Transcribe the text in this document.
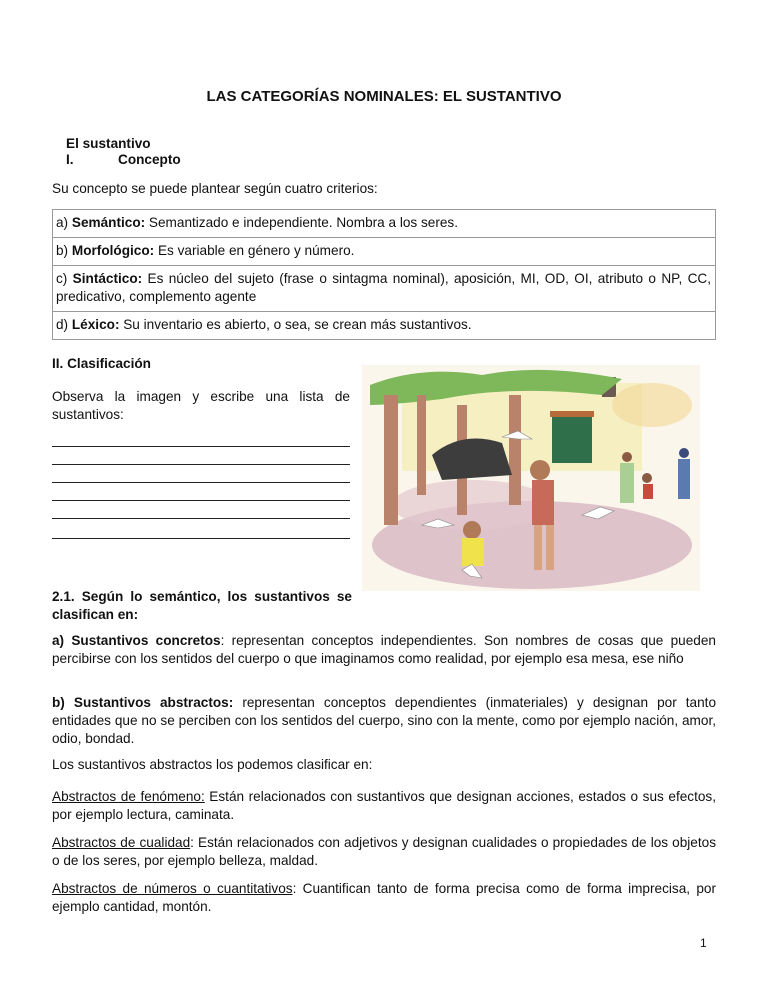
LAS CATEGORÍAS NOMINALES: EL SUSTANTIVO
El sustantivo
I.	Concepto
Su concepto se puede plantear según cuatro criterios:
a) Semántico: Semantizado e independiente. Nombra a los seres.
b) Morfológico: Es variable en género y número.
c) Sintáctico: Es núcleo del sujeto (frase o sintagma nominal), aposición, MI, OD, OI, atributo o NP, CC, predicativo, complemento agente
d) Léxico: Su inventario es abierto, o sea, se crean más sustantivos.
II. Clasificación
Observa la imagen y escribe una lista de sustantivos:
2.1. Según lo semántico, los sustantivos se clasifican en:
a) Sustantivos concretos: representan conceptos independientes. Son nombres de cosas que pueden percibirse con los sentidos del cuerpo o que imaginamos como realidad, por ejemplo esa mesa, ese niño
b) Sustantivos abstractos: representan conceptos dependientes (inmateriales) y designan por tanto entidades que no se perciben con los sentidos del cuerpo, sino con la mente, como por ejemplo nación, amor, odio, bondad.
Los sustantivos abstractos los podemos clasificar en:
Abstractos de fenómeno: Están relacionados con sustantivos que designan acciones, estados o sus efectos, por ejemplo lectura, caminata.
Abstractos de cualidad: Están relacionados con adjetivos y designan cualidades o propiedades de los objetos o de los seres, por ejemplo belleza, maldad.
Abstractos de números o cuantitativos: Cuantifican tanto de forma precisa como de forma imprecisa, por ejemplo cantidad, montón.
1
